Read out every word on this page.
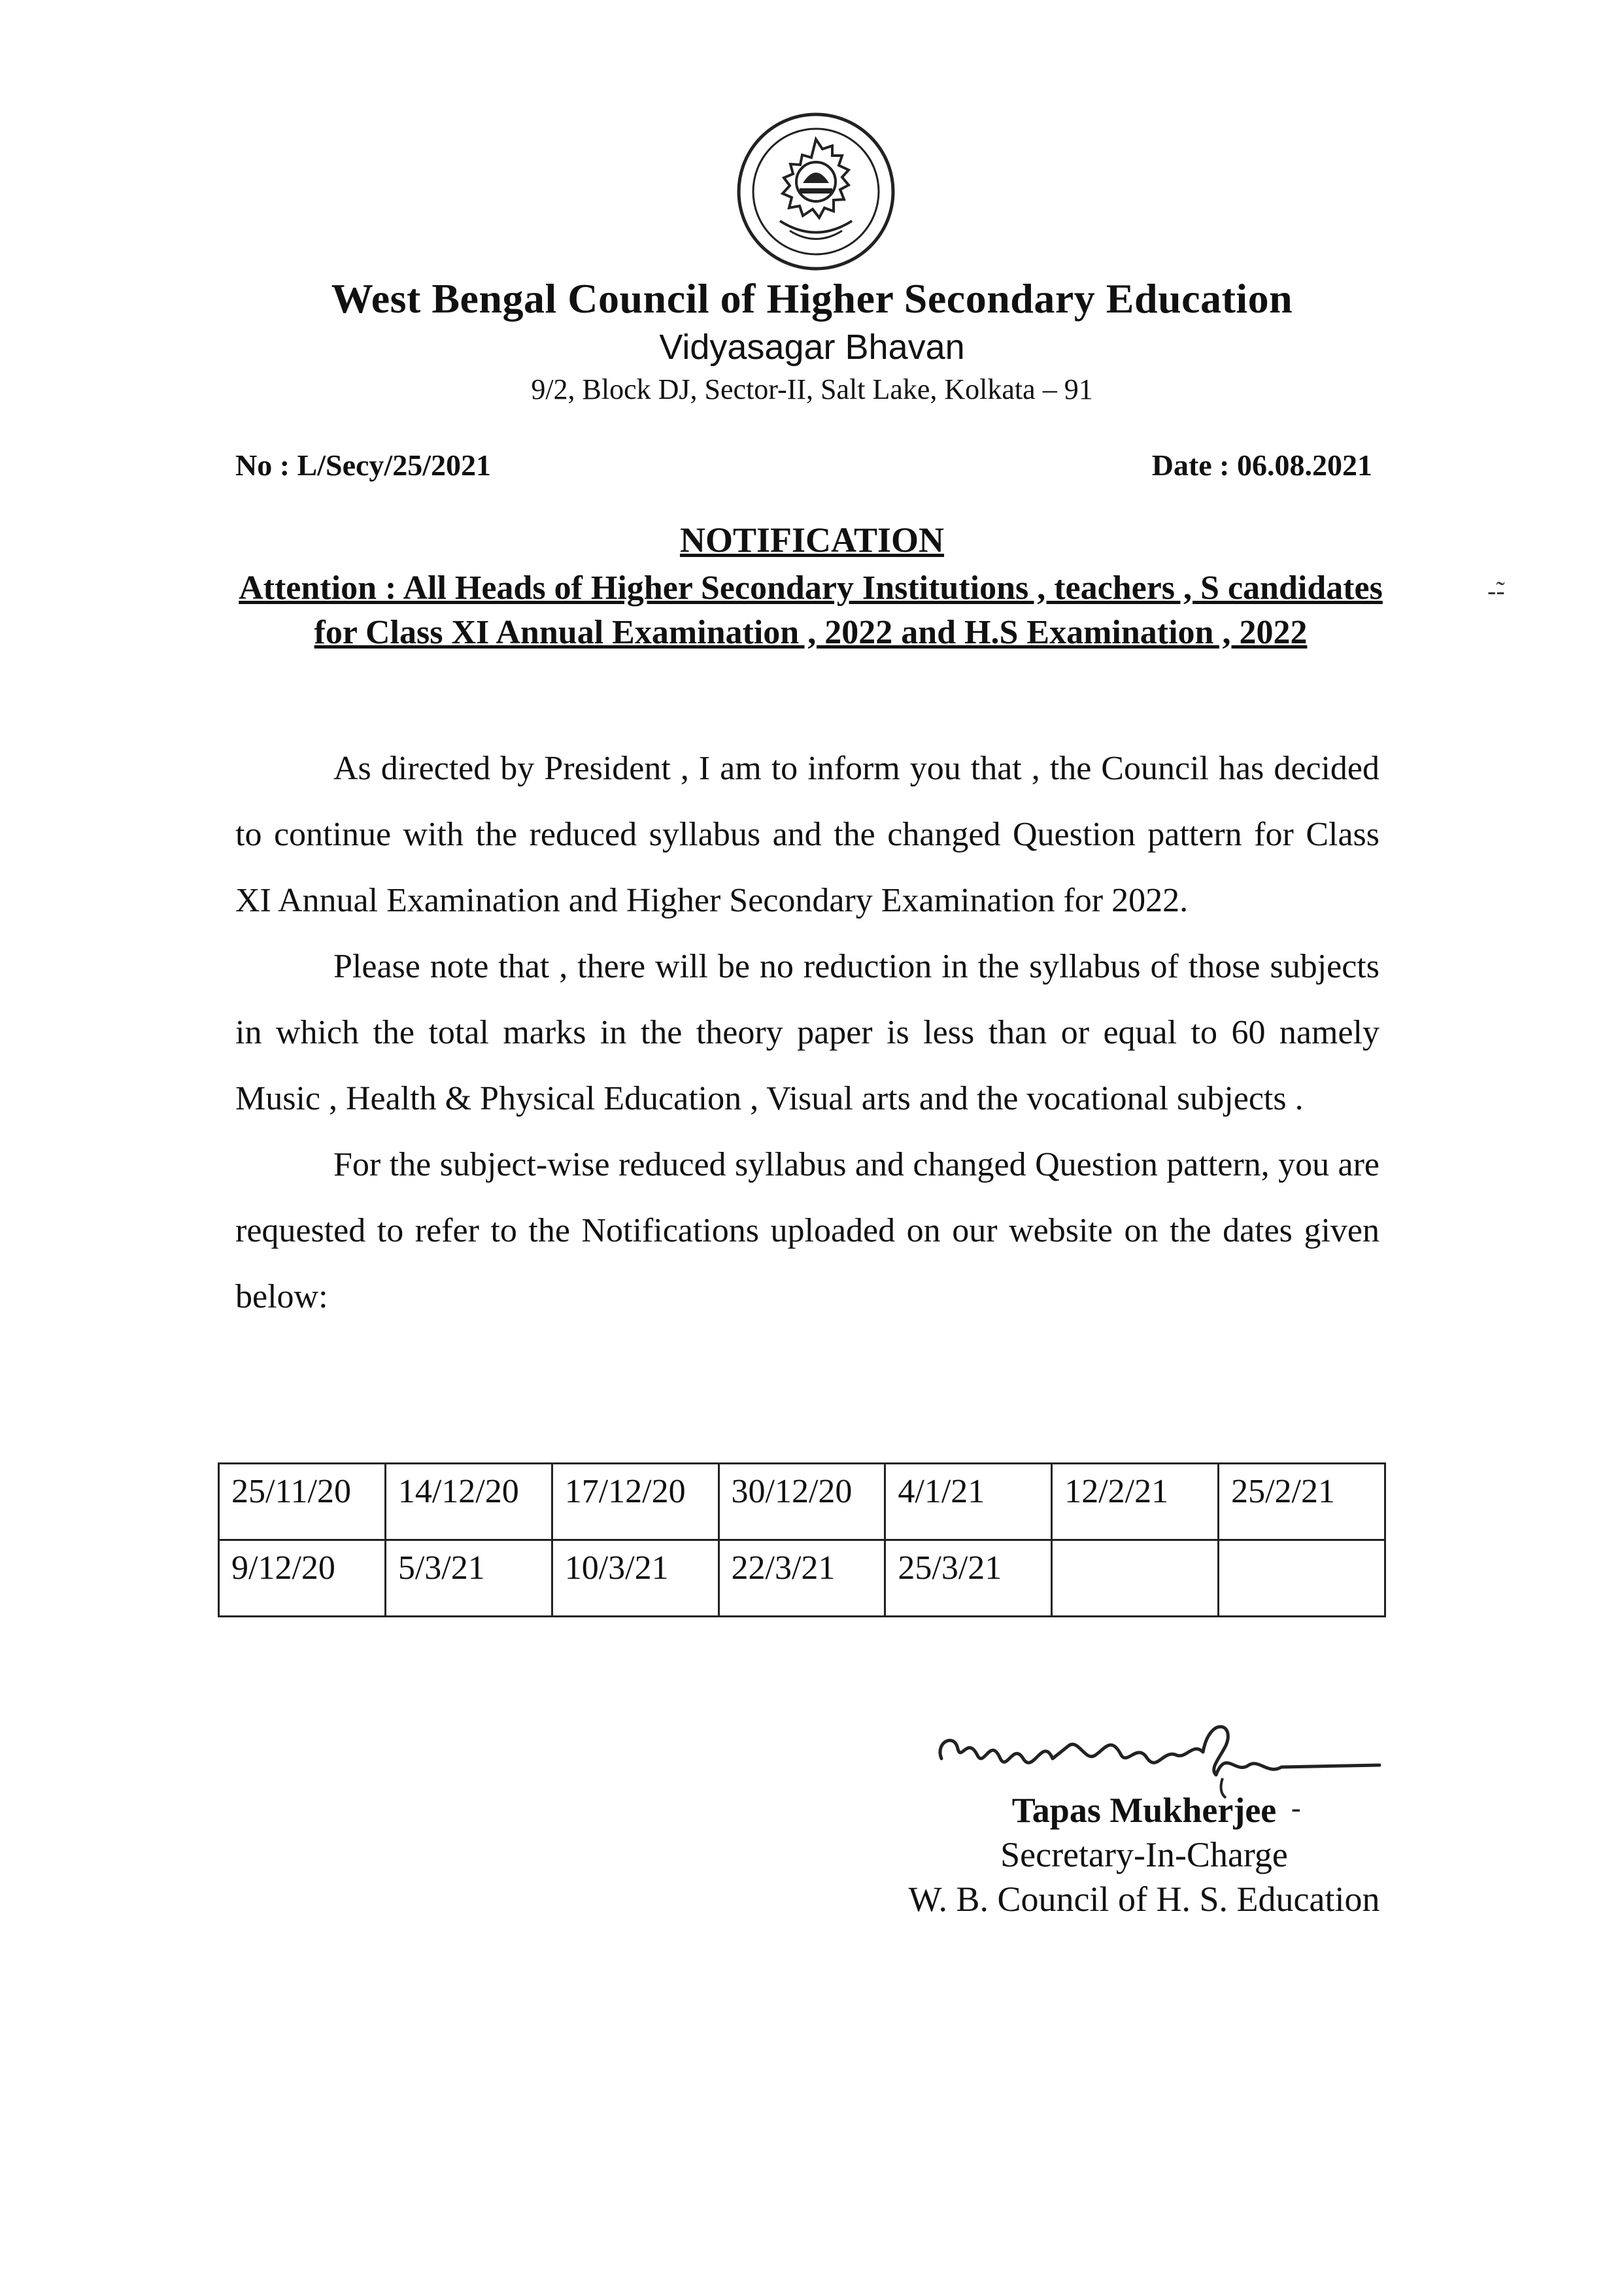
West Bengal Council of Higher Secondary Education
Vidyasagar Bhavan
9/2, Block DJ, Sector-II, Salt Lake, Kolkata – 91
No : L/Secy/25/2021	Date : 06.08.2021
NOTIFICATION
Attention : All Heads of Higher Secondary Institutions , teachers , S candidates for Class XI Annual Examination , 2022 and H.S Examination , 2022
-̃-

As directed by President , I am to inform you that , the Council has decided to continue with the reduced syllabus and the changed Question pattern for Class XI Annual Examination and Higher Secondary Examination for 2022.

Please note that , there will be no reduction in the syllabus of those subjects in which the total marks in the theory paper is less than or equal to 60 namely Music , Health & Physical Education , Visual arts and the vocational subjects .

For the subject-wise reduced syllabus and changed Question pattern, you are requested to refer to the Notifications uploaded on our website on the dates given below:

25/11/20	14/12/20	17/12/20	30/12/20	4/1/21	12/2/21	25/2/21
9/12/20	5/3/21	10/3/21	22/3/21	25/3/21		
Tapas Mukherjee
Secretary-In-Charge
W. B. Council of H. S. Education
-
